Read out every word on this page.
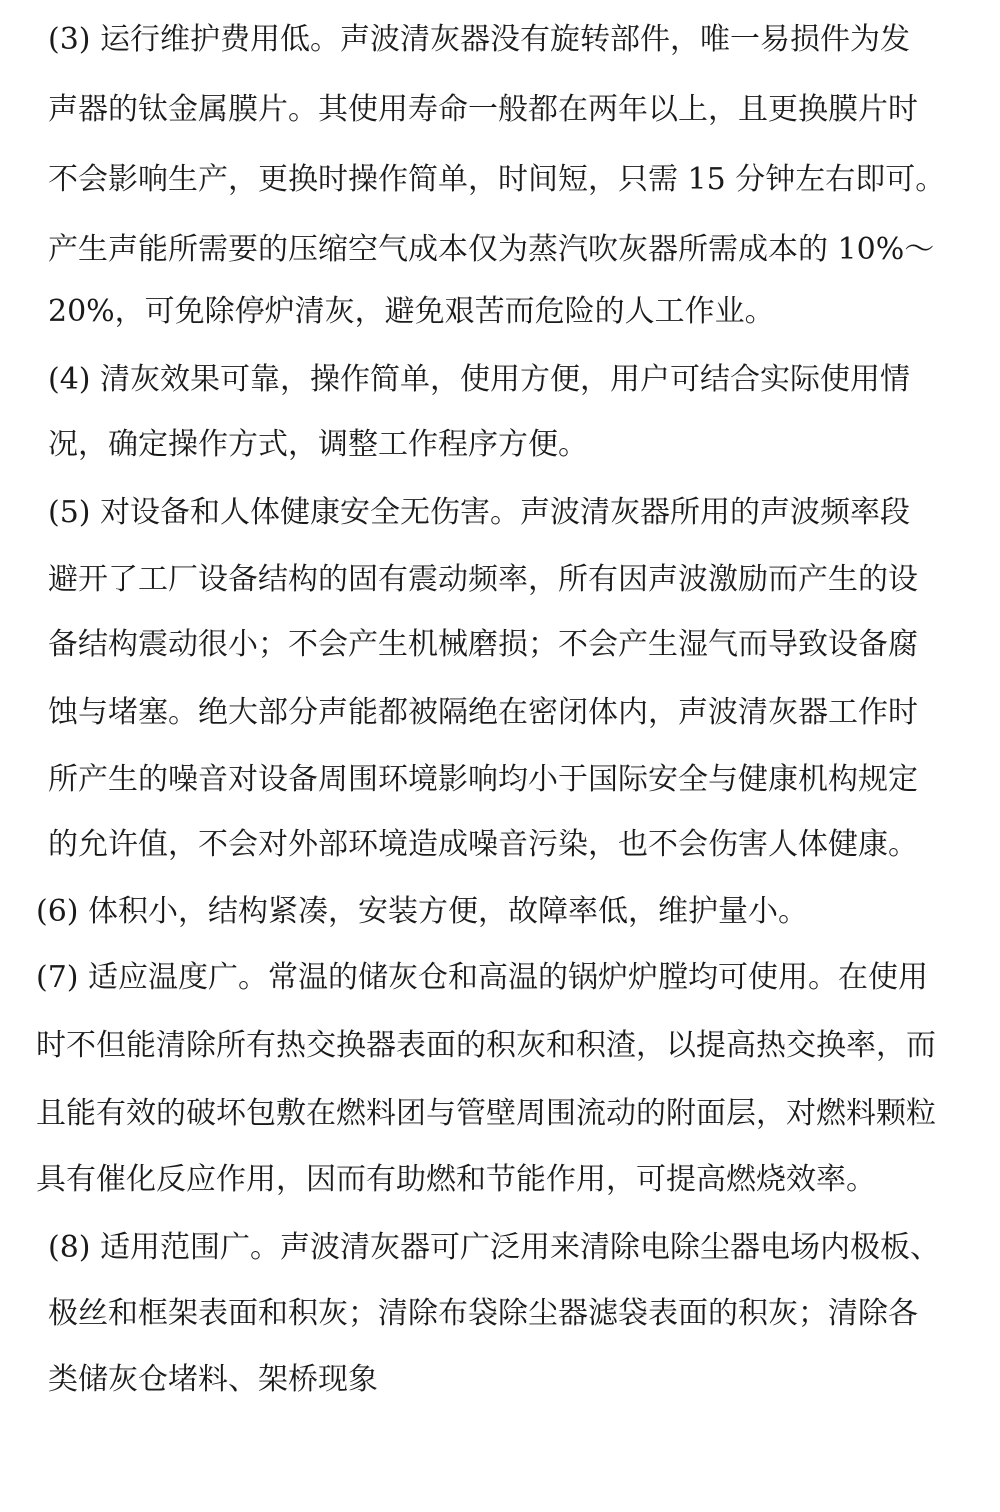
(3) 运行维护费用低。声波清灰器没有旋转部件，唯一易损件为发

声器的钛金属膜片。其使用寿命一般都在两年以上，且更换膜片时

不会影响生产，更换时操作简单，时间短，只需 15 分钟左右即可。

产生声能所需要的压缩空气成本仅为蒸汽吹灰器所需成本的 10%～

20%，可免除停炉清灰，避免艰苦而危险的人工作业。

(4) 清灰效果可靠，操作简单，使用方便，用户可结合实际使用情

况，确定操作方式，调整工作程序方便。

(5) 对设备和人体健康安全无伤害。声波清灰器所用的声波频率段

避开了工厂设备结构的固有震动频率，所有因声波激励而产生的设

备结构震动很小；不会产生机械磨损；不会产生湿气而导致设备腐

蚀与堵塞。绝大部分声能都被隔绝在密闭体内，声波清灰器工作时

所产生的噪音对设备周围环境影响均小于国际安全与健康机构规定

的允许值，不会对外部环境造成噪音污染，也不会伤害人体健康。

(6) 体积小，结构紧凑，安装方便，故障率低，维护量小。

(7) 适应温度广。常温的储灰仓和高温的锅炉炉膛均可使用。在使用

时不但能清除所有热交换器表面的积灰和积渣，以提高热交换率，而

且能有效的破坏包敷在燃料团与管壁周围流动的附面层，对燃料颗粒

具有催化反应作用，因而有助燃和节能作用，可提高燃烧效率。

(8) 适用范围广。声波清灰器可广泛用来清除电除尘器电场内极板、

极丝和框架表面和积灰；清除布袋除尘器滤袋表面的积灰；清除各

类储灰仓堵料、架桥现象
